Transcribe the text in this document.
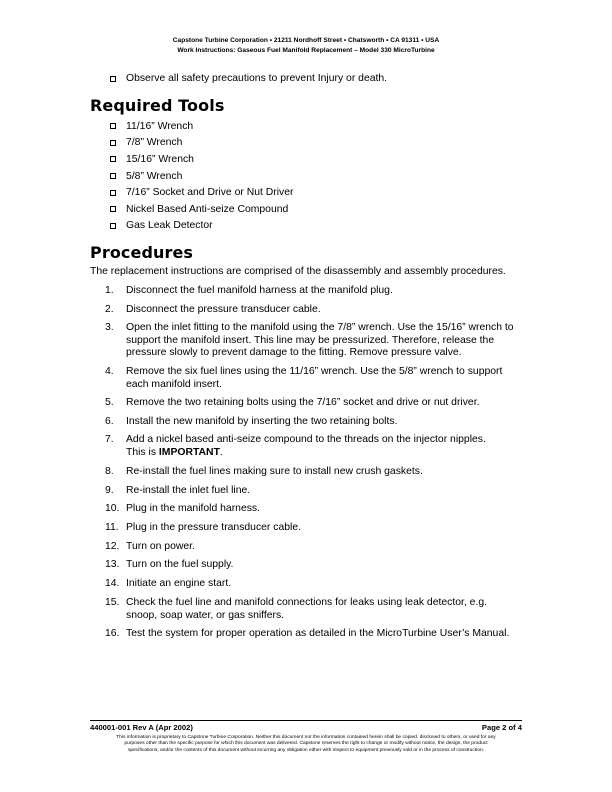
Capstone Turbine Corporation • 21211 Nordhoff Street • Chatsworth • CA 91311 • USA
Work Instructions: Gaseous Fuel Manifold Replacement – Model 330 MicroTurbine
Observe all safety precautions to prevent Injury or death.
Required Tools
11/16” Wrench
7/8” Wrench
15/16” Wrench
5/8” Wrench
7/16” Socket and Drive or Nut Driver
Nickel Based Anti-seize Compound
Gas Leak Detector
Procedures
The replacement instructions are comprised of the disassembly and assembly procedures.
1.	Disconnect the fuel manifold harness at the manifold plug.
2.	Disconnect the pressure transducer cable.
3.	Open the inlet fitting to the manifold using the 7/8” wrench. Use the 15/16” wrench to
support the manifold insert. This line may be pressurized. Therefore, release the
pressure slowly to prevent damage to the fitting. Remove pressure valve.
4.	Remove the six fuel lines using the 11/16” wrench. Use the 5/8” wrench to support
each manifold insert.
5.	Remove the two retaining bolts using the 7/16” socket and drive or nut driver.
6.	Install the new manifold by inserting the two retaining bolts.
7.	Add a nickel based anti-seize compound to the threads on the injector nipples.
This is IMPORTANT.
8.	Re-install the fuel lines making sure to install new crush gaskets.
9.	Re-install the inlet fuel line.
10. Plug in the manifold harness.
11. Plug in the pressure transducer cable.
12. Turn on power.
13. Turn on the fuel supply.
14. Initiate an engine start.
15. Check the fuel line and manifold connections for leaks using leak detector, e.g.
snoop, soap water, or gas sniffers.
16. Test the system for proper operation as detailed in the MicroTurbine User’s Manual.
440001-001 Rev A (Apr 2002)	Page 2 of 4
This information is proprietary to Capstone Turbine Corporation. Neither this document nor the information contained herein shall be copied, disclosed to others, or used for any
purposes other than the specific purpose for which this document was delivered. Capstone reserves the right to change or modify without notice, the design, the product
specifications, and/or the contents of this document without incurring any obligation either with respect to equipment previously sold or in the process of construction.
